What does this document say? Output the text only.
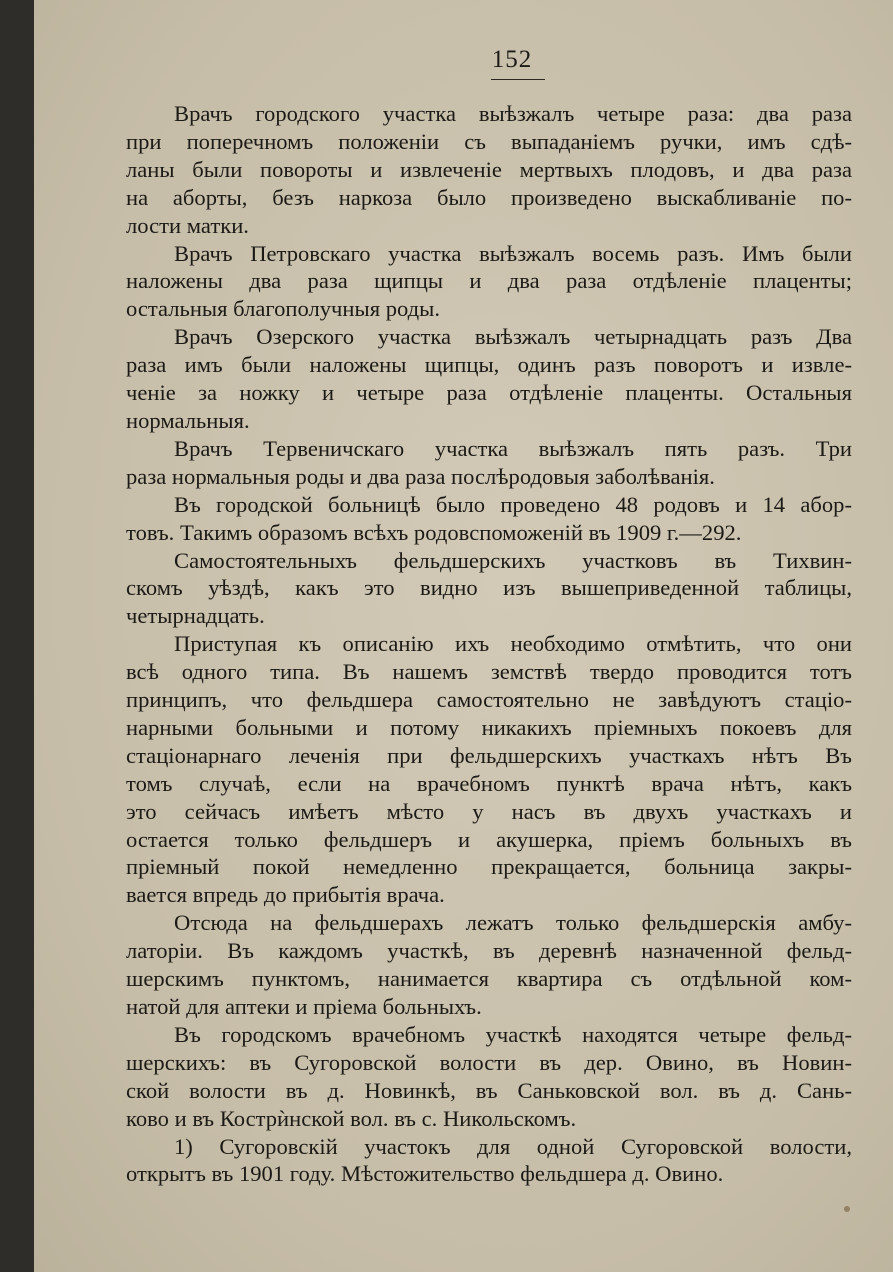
152
Врачъ городского участка выѣзжалъ четыре раза: два раза
при поперечномъ положенiи съ выпаданiемъ ручки, имъ сдѣ-
ланы были повороты и извлеченiе мертвыхъ плодовъ, и два раза
на аборты, безъ наркоза было произведено выскабливанiе по-
лости матки.
Врачъ Петровскаго участка выѣзжалъ восемь разъ. Имъ были
наложены два раза щипцы и два раза отдѣленiе плаценты;
остальныя благополучныя роды.
Врачъ Озерского участка выѣзжалъ четырнадцать разъ Два
раза имъ были наложены щипцы, одинъ разъ поворотъ и извле-
ченiе за ножку и четыре раза отдѣленiе плаценты. Остальныя
нормальныя.
Врачъ Тервеничскаго участка выѣзжалъ пять разъ. Три
раза нормальныя роды и два раза послѣродовыя заболѣванiя.
Въ городской больницѣ было проведено 48 родовъ и 14 абор-
товъ. Такимъ образомъ всѣхъ родовспоможенiй въ 1909 г.—292.
Самостоятельныхъ фельдшерскихъ участковъ въ Тихвин-
скомъ уѣздѣ, какъ это видно изъ вышеприведенной таблицы,
четырнадцать.
Приступая къ описанiю ихъ необходимо отмѣтить, что они
всѣ одного типа. Въ нашемъ земствѣ твердо проводится тотъ
принципъ, что фельдшера самостоятельно не завѣдуютъ стацiо-
нарными больными и потому никакихъ прiемныхъ покоевъ для
стацiонарнаго леченiя при фельдшерскихъ участкахъ нѣтъ Въ
томъ случаѣ, если на врачебномъ пунктѣ врача нѣтъ, какъ
это сейчасъ имѣетъ мѣсто у насъ въ двухъ участкахъ и
остается только фельдшеръ и акушерка, прiемъ больныхъ въ
прiемный покой немедленно прекращается, больница закры-
вается впредь до прибытiя врача.
Отсюда на фельдшерахъ лежатъ только фельдшерскiя амбу-
латорiи. Въ каждомъ участкѣ, въ деревнѣ назначенной фельд-
шерскимъ пунктомъ, нанимается квартира съ отдѣльной ком-
натой для аптеки и прiема больныхъ.
Въ городскомъ врачебномъ участкѣ находятся четыре фельд-
шерскихъ: въ Сугоровской волости въ дер. Овино, въ Новин-
ской волости въ д. Новинкѣ, въ Саньковской вол. въ д. Сань-
ково и въ Кострѝнской вол. въ с. Никольскомъ.
1) Сугоровскiй участокъ для одной Сугоровской волости,
открытъ въ 1901 году. Мѣстожительство фельдшера д. Овино.
